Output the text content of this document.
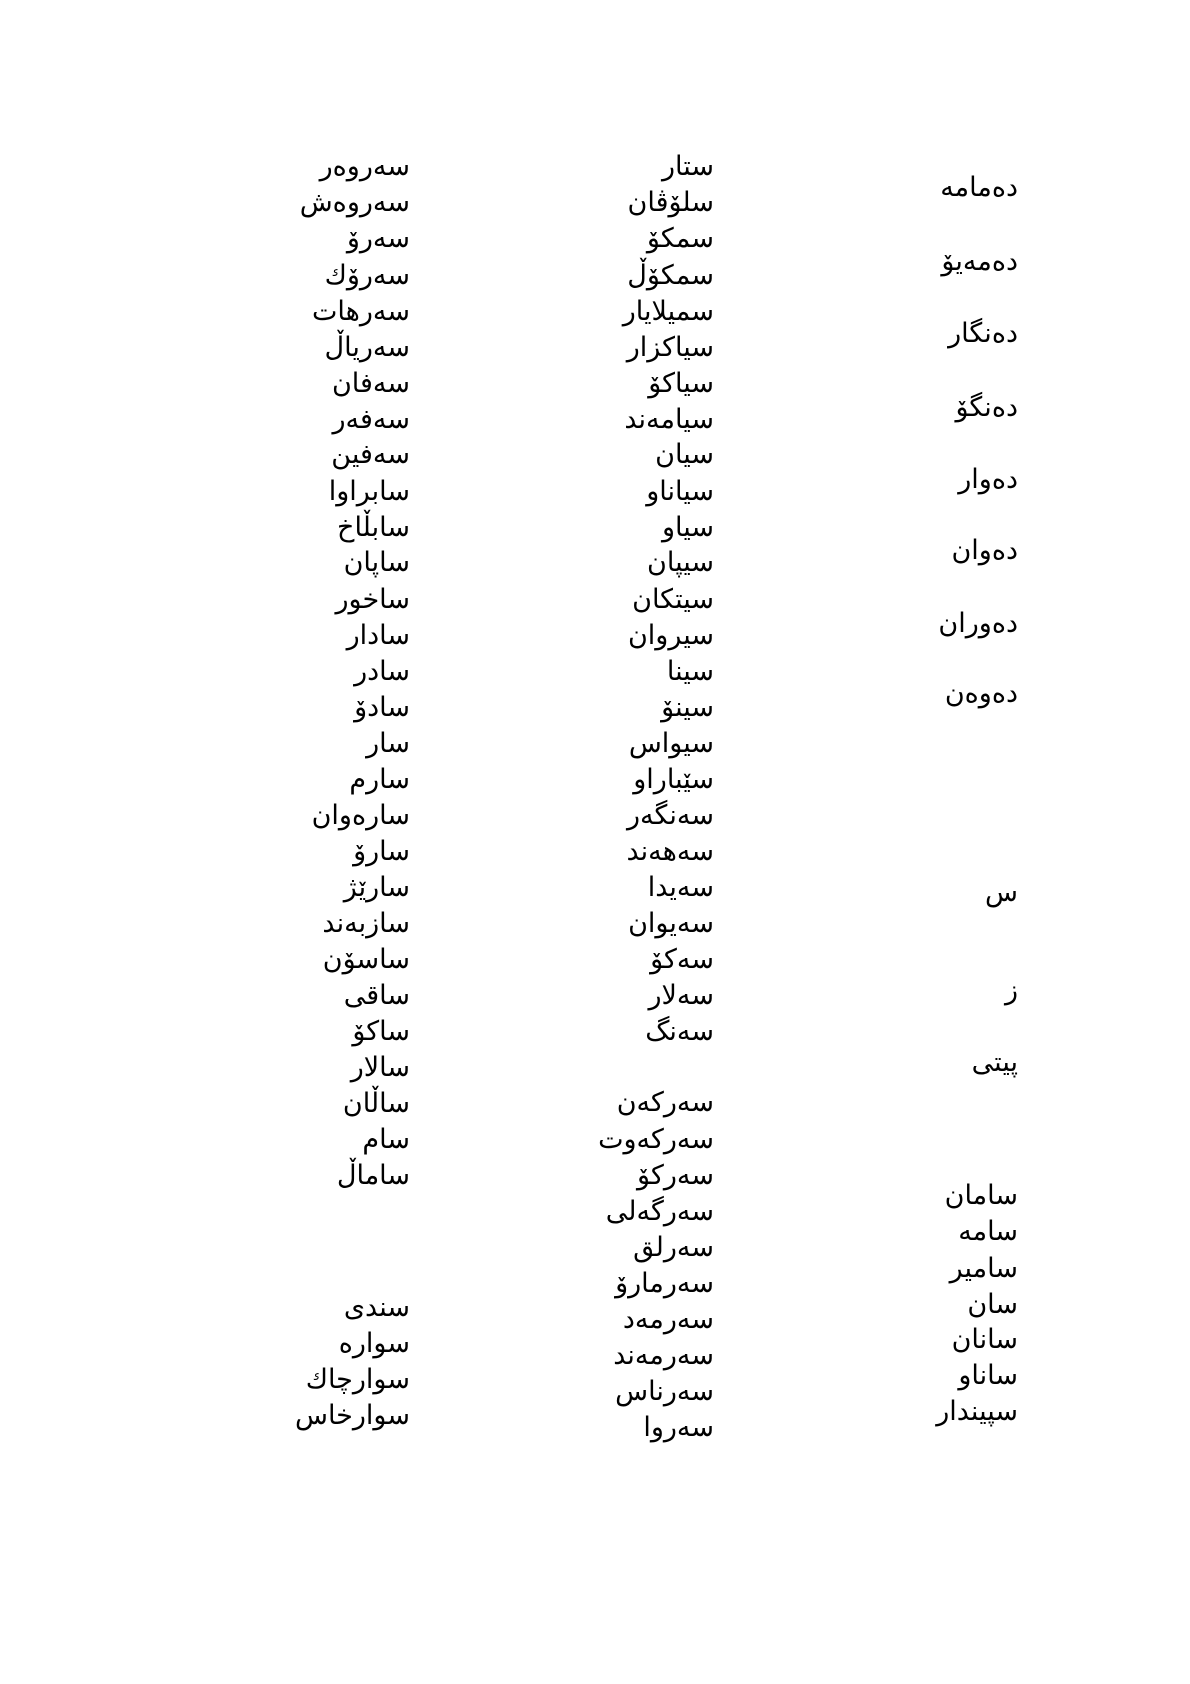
دەمامە
دەمەیۆ
دەنگار
دەنگۆ
دەوار
دەوان
دەوران
دەوەن
س
ز
پیتی
سامان
سامە
سامیر
سان
سانان
ساناو
سپیندار
ستار
سلۆڤان
سمکۆ
سمکۆڵ
سمیلایار
سیاکزار
سیاکۆ
سیامەند
سیان
سیاناو
سیاو
سیپان
سیتکان
سیروان
سینا
سینۆ
سیواس
سێباراو
سەنگەر
سەهەند
سەیدا
سەیوان
سەکۆ
سەلار
سەنگ
سەرکەن
سەرکەوت
سەرکۆ
سەرگەلی
سەرلق
سەرمارۆ
سەرمەد
سەرمەند
سەرناس
سەروا
سەروەر
سەروەش
سەرۆ
سەرۆك
سەرهات
سەریاڵ
سەفان
سەفەر
سەفین
سابراوا
سابڵاخ
ساپان
ساخور
سادار
سادر
سادۆ
سار
سارم
سارەوان
سارۆ
سارێژ
سازبەند
ساسۆن
ساقی
ساکۆ
سالار
ساڵان
سام
ساماڵ
سندی
سوارە
سوارچاك
سوارخاس
